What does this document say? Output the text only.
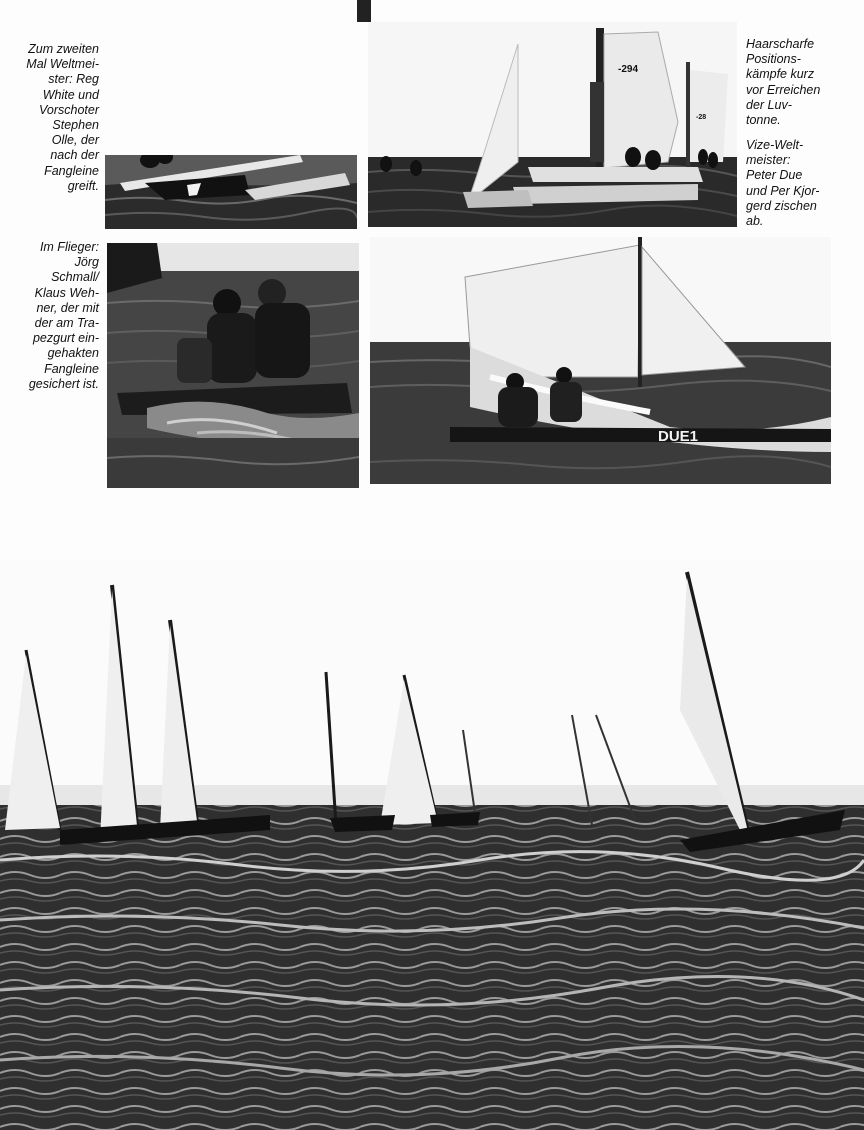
Zum zweiten
Mal Weltmei-
ster: Reg
White und
Vorschoter
Stephen
Olle, der
nach der
Fangleine
greift.
Im Flieger:
Jörg
Schmall/
Klaus Weh-
ner, der mit
der am Tra-
pezgurt ein-
gehakten
Fangleine
gesichert ist.
Haarscharfe
Positions-
kämpfe kurz
vor Erreichen
der Luv-
tonne.
Vize-Welt-
meister:
Peter Due
und Per Kjor-
gerd zischen
ab.
-294
-28
DUE1
